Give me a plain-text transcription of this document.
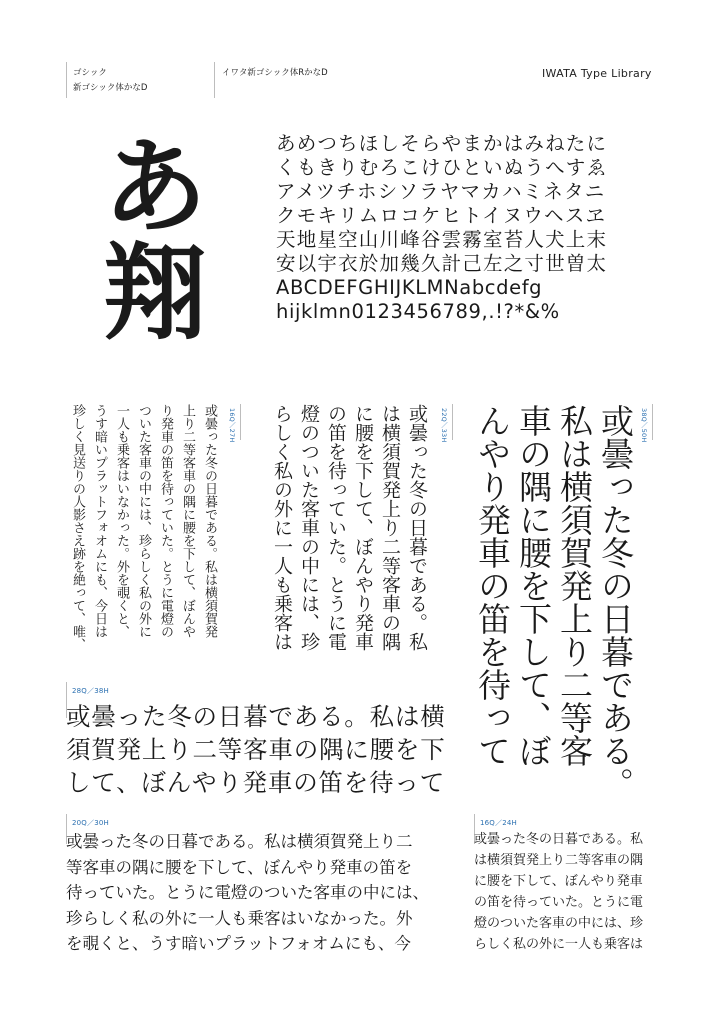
ゴシック
新ゴシック体かなD
イワタ新ゴシック体RかなD	IWATA Type Library
あ
翔
あめつちほしそらやまかはみねたに
くもきりむろこけひといぬうへすゑ
アメツチホシソラヤマカハミネタニ
クモキリムロコケヒトイヌウヘスヱ
天地星空山川峰谷雲霧室苔人犬上末
安以宇衣於加幾久計己左之寸世曽太
ABCDEFGHIJKLMNabcdefg
hijklmn0123456789,.!?*&%
38Q／50H
或曇った冬の日暮である。
私は横須賀発上り二等客
車の隅に腰を下して、ぼ
んやり発車の笛を待って
22Q／33H
或曇った冬の日暮である。私
は横須賀発上り二等客車の隅
に腰を下して、ぼんやり発車
の笛を待っていた。とうに電
燈のついた客車の中には、珍
らしく私の外に一人も乗客は
16Q／27H
或曇った冬の日暮である。私は横須賀発
上り二等客車の隅に腰を下して、ぼんや
り発車の笛を待っていた。とうに電燈の
ついた客車の中には、珍らしく私の外に
一人も乗客はいなかった。外を覗くと、
うす暗いプラットフォオムにも、今日は
珍しく見送りの人影さえ跡を絶って、唯、
28Q／38H
或曇った冬の日暮である。私は横
須賀発上り二等客車の隅に腰を下
して、ぼんやり発車の笛を待って
20Q／30H
或曇った冬の日暮である。私は横須賀発上り二
等客車の隅に腰を下して、ぼんやり発車の笛を
待っていた。とうに電燈のついた客車の中には、
珍らしく私の外に一人も乗客はいなかった。外
を覗くと、うす暗いプラットフォオムにも、今
16Q／24H
或曇った冬の日暮である。私
は横須賀発上り二等客車の隅
に腰を下して、ぼんやり発車
の笛を待っていた。とうに電
燈のついた客車の中には、珍
らしく私の外に一人も乗客は
